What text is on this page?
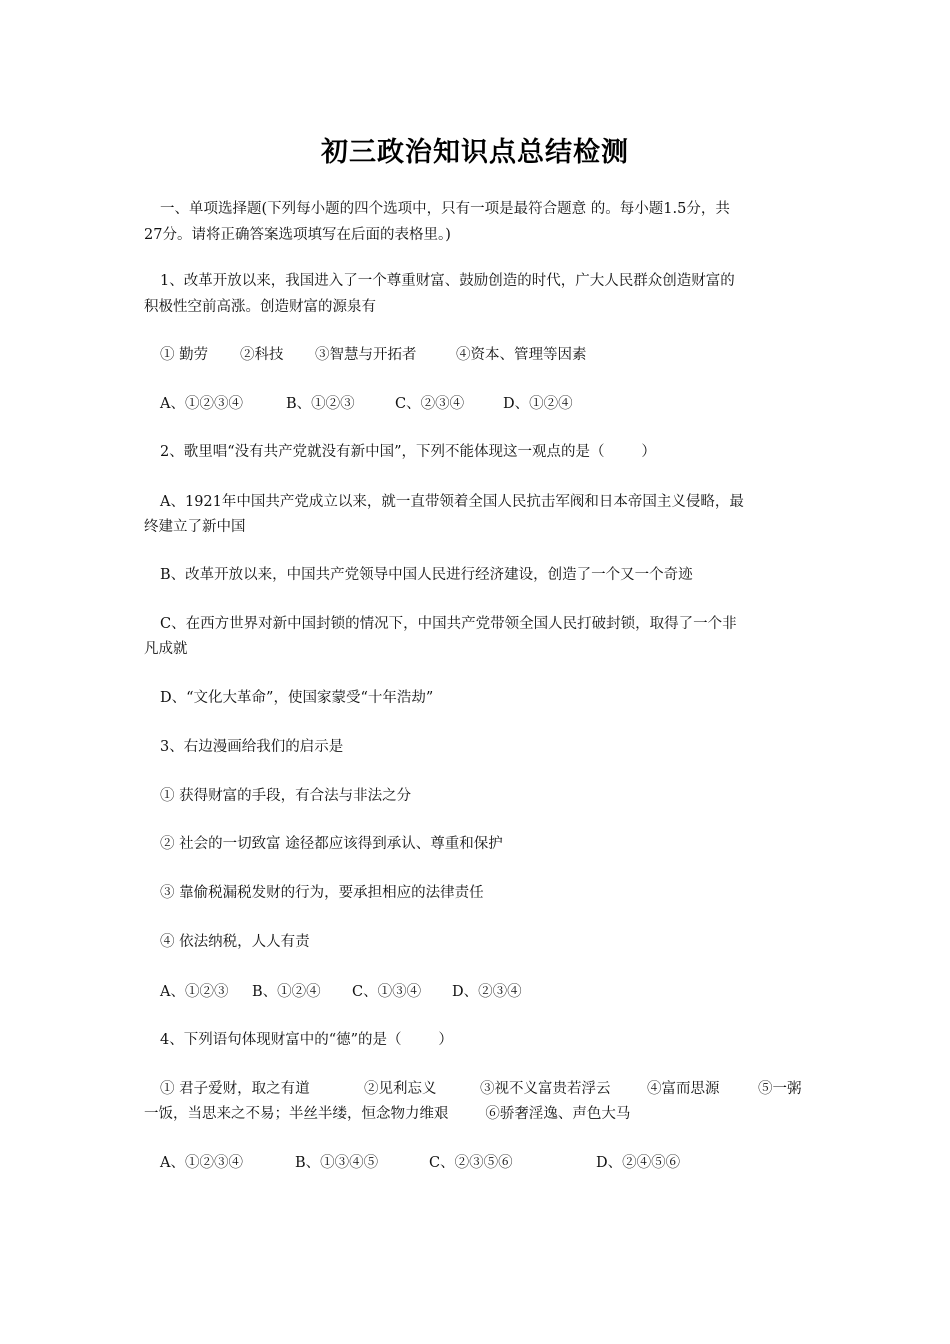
初三政治知识点总结检测
一、单项选择题(下列每小题的四个选项中，只有一项是最符合题意 的。每小题1.5分，共
27分。请将正确答案选项填写在后面的表格里。)
1、改革开放以来，我国进入了一个尊重财富、鼓励创造的时代，广大人民群众创造财富的
积极性空前高涨。创造财富的源泉有
① 勤劳 ②科技 ③智慧与开拓者	④资本、管理等因素
A、①②③④	B、①②③	C、②③④	D、①②④
2、歌里唱“没有共产党就没有新中国”，下列不能体现这一观点的是（        ）
A、1921年中国共产党成立以来，就一直带领着全国人民抗击军阀和日本帝国主义侵略，最
终建立了新中国
B、改革开放以来，中国共产党领导中国人民进行经济建设，创造了一个又一个奇迹
C、在西方世界对新中国封锁的情况下，中国共产党带领全国人民打破封锁，取得了一个非
凡成就
D、“文化大革命”，使国家蒙受“十年浩劫”
3、右边漫画给我们的启示是
① 获得财富的手段，有合法与非法之分
② 社会的一切致富 途径都应该得到承认、尊重和保护
③ 靠偷税漏税发财的行为，要承担相应的法律责任
④ 依法纳税，人人有责
A、①②③ B、①②④ C、①③④ D、②③④
4、下列语句体现财富中的“德”的是（        ）
① 君子爱财，取之有道	②见利忘义	③视不义富贵若浮云	④富而思源	⑤一粥
一饭，当思来之不易；半丝半缕，恒念物力维艰        ⑥骄奢淫逸、声色大马
A、①②③④	B、①③④⑤	C、②③⑤⑥	D、②④⑤⑥
